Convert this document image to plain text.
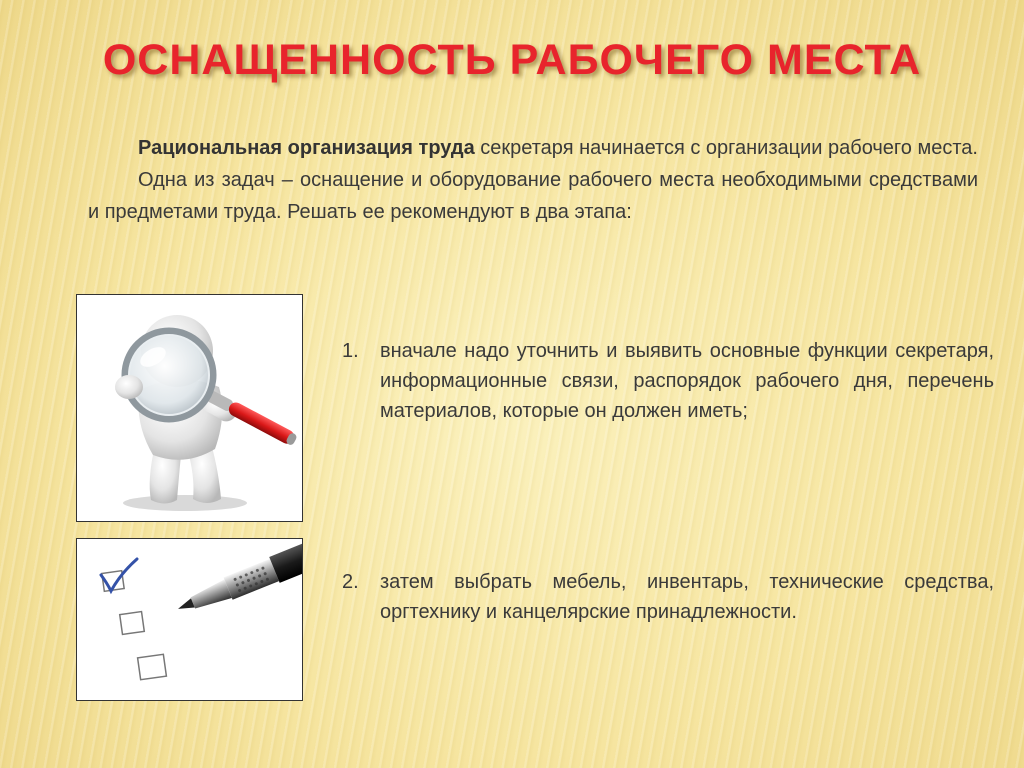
ОСНАЩЕННОСТЬ РАБОЧЕГО МЕСТА

Рациональная организация труда секретаря начинается с организации рабочего места.

Одна из задач – оснащение и оборудование рабочего места необходимыми средствами и предметами труда. Решать ее рекомендуют в два этапа:

1.	вначале надо уточнить и выявить основные функции секретаря, информационные связи, распорядок рабочего дня, перечень материалов, которые он должен иметь;
2.	затем выбрать мебель, инвентарь, технические средства, оргтехнику и канцелярские принадлежности.
